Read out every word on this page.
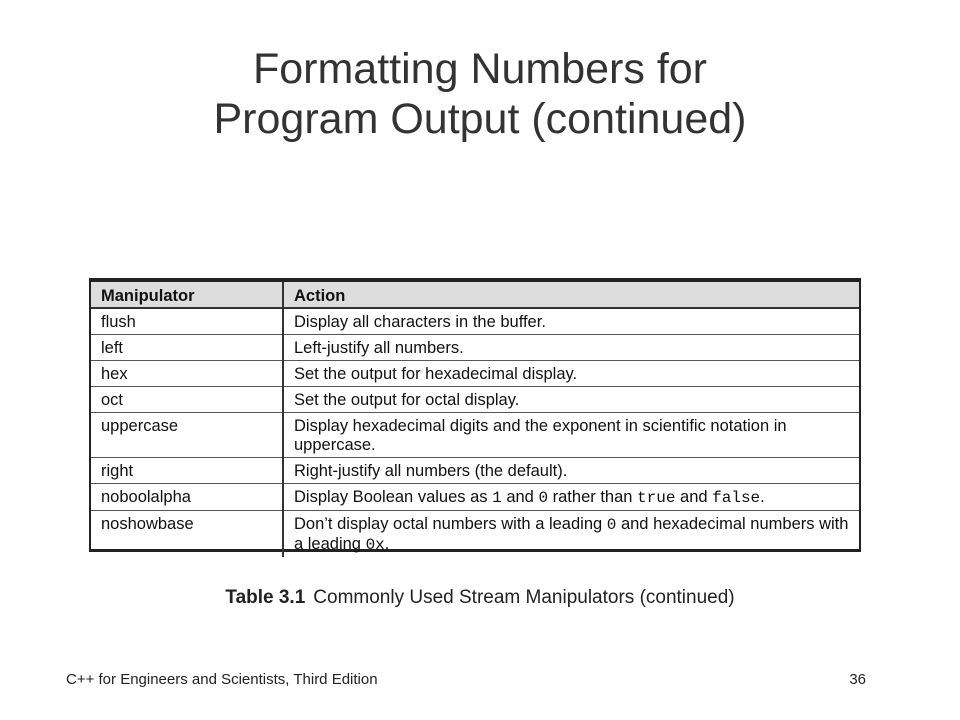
Formatting Numbers for
Program Output (continued)
Manipulator	Action
flush	Display all characters in the buffer.
left	Left-justify all numbers.
hex	Set the output for hexadecimal display.
oct	Set the output for octal display.
uppercase	Display hexadecimal digits and the exponent in scientific notation in uppercase.
right	Right-justify all numbers (the default).
noboolalpha	Display Boolean values as 1 and 0 rather than true and false.
noshowbase	Don’t display octal numbers with a leading 0 and hexadecimal numbers with a leading 0x.
Table 3.1 Commonly Used Stream Manipulators (continued)
C++ for Engineers and Scientists, Third Edition	36
